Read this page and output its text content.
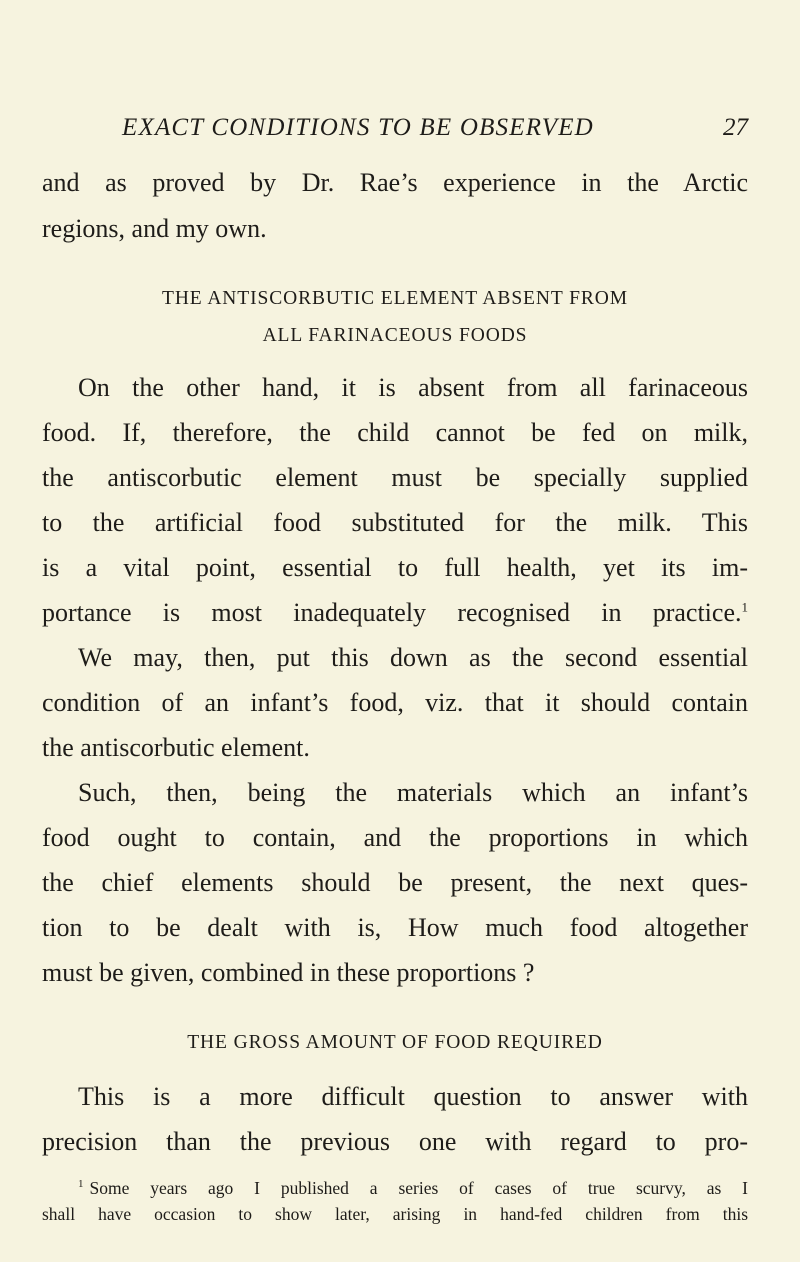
EXACT CONDITIONS TO BE OBSERVED	27
and as proved by Dr. Rae’s experience in the Arctic
regions, and my own.
THE ANTISCORBUTIC ELEMENT ABSENT FROM
ALL FARINACEOUS FOODS
On the other hand, it is absent from all farinaceous
food. If, therefore, the child cannot be fed on milk,
the antiscorbutic element must be specially supplied
to the artificial food substituted for the milk. This
is a vital point, essential to full health, yet its im-
portance is most inadequately recognised in practice.$^1$
We may, then, put this down as the second essential
condition of an infant’s food, viz. that it should contain
the antiscorbutic element.
Such, then, being the materials which an infant’s
food ought to contain, and the proportions in which
the chief elements should be present, the next ques-
tion to be dealt with is, How much food altogether
must be given, combined in these proportions ?
THE GROSS AMOUNT OF FOOD REQUIRED
This is a more difficult question to answer with
precision than the previous one with regard to pro-
$^1$ Some years ago I published a series of cases of true scurvy, as I
shall have occasion to show later, arising in hand-fed children from this
